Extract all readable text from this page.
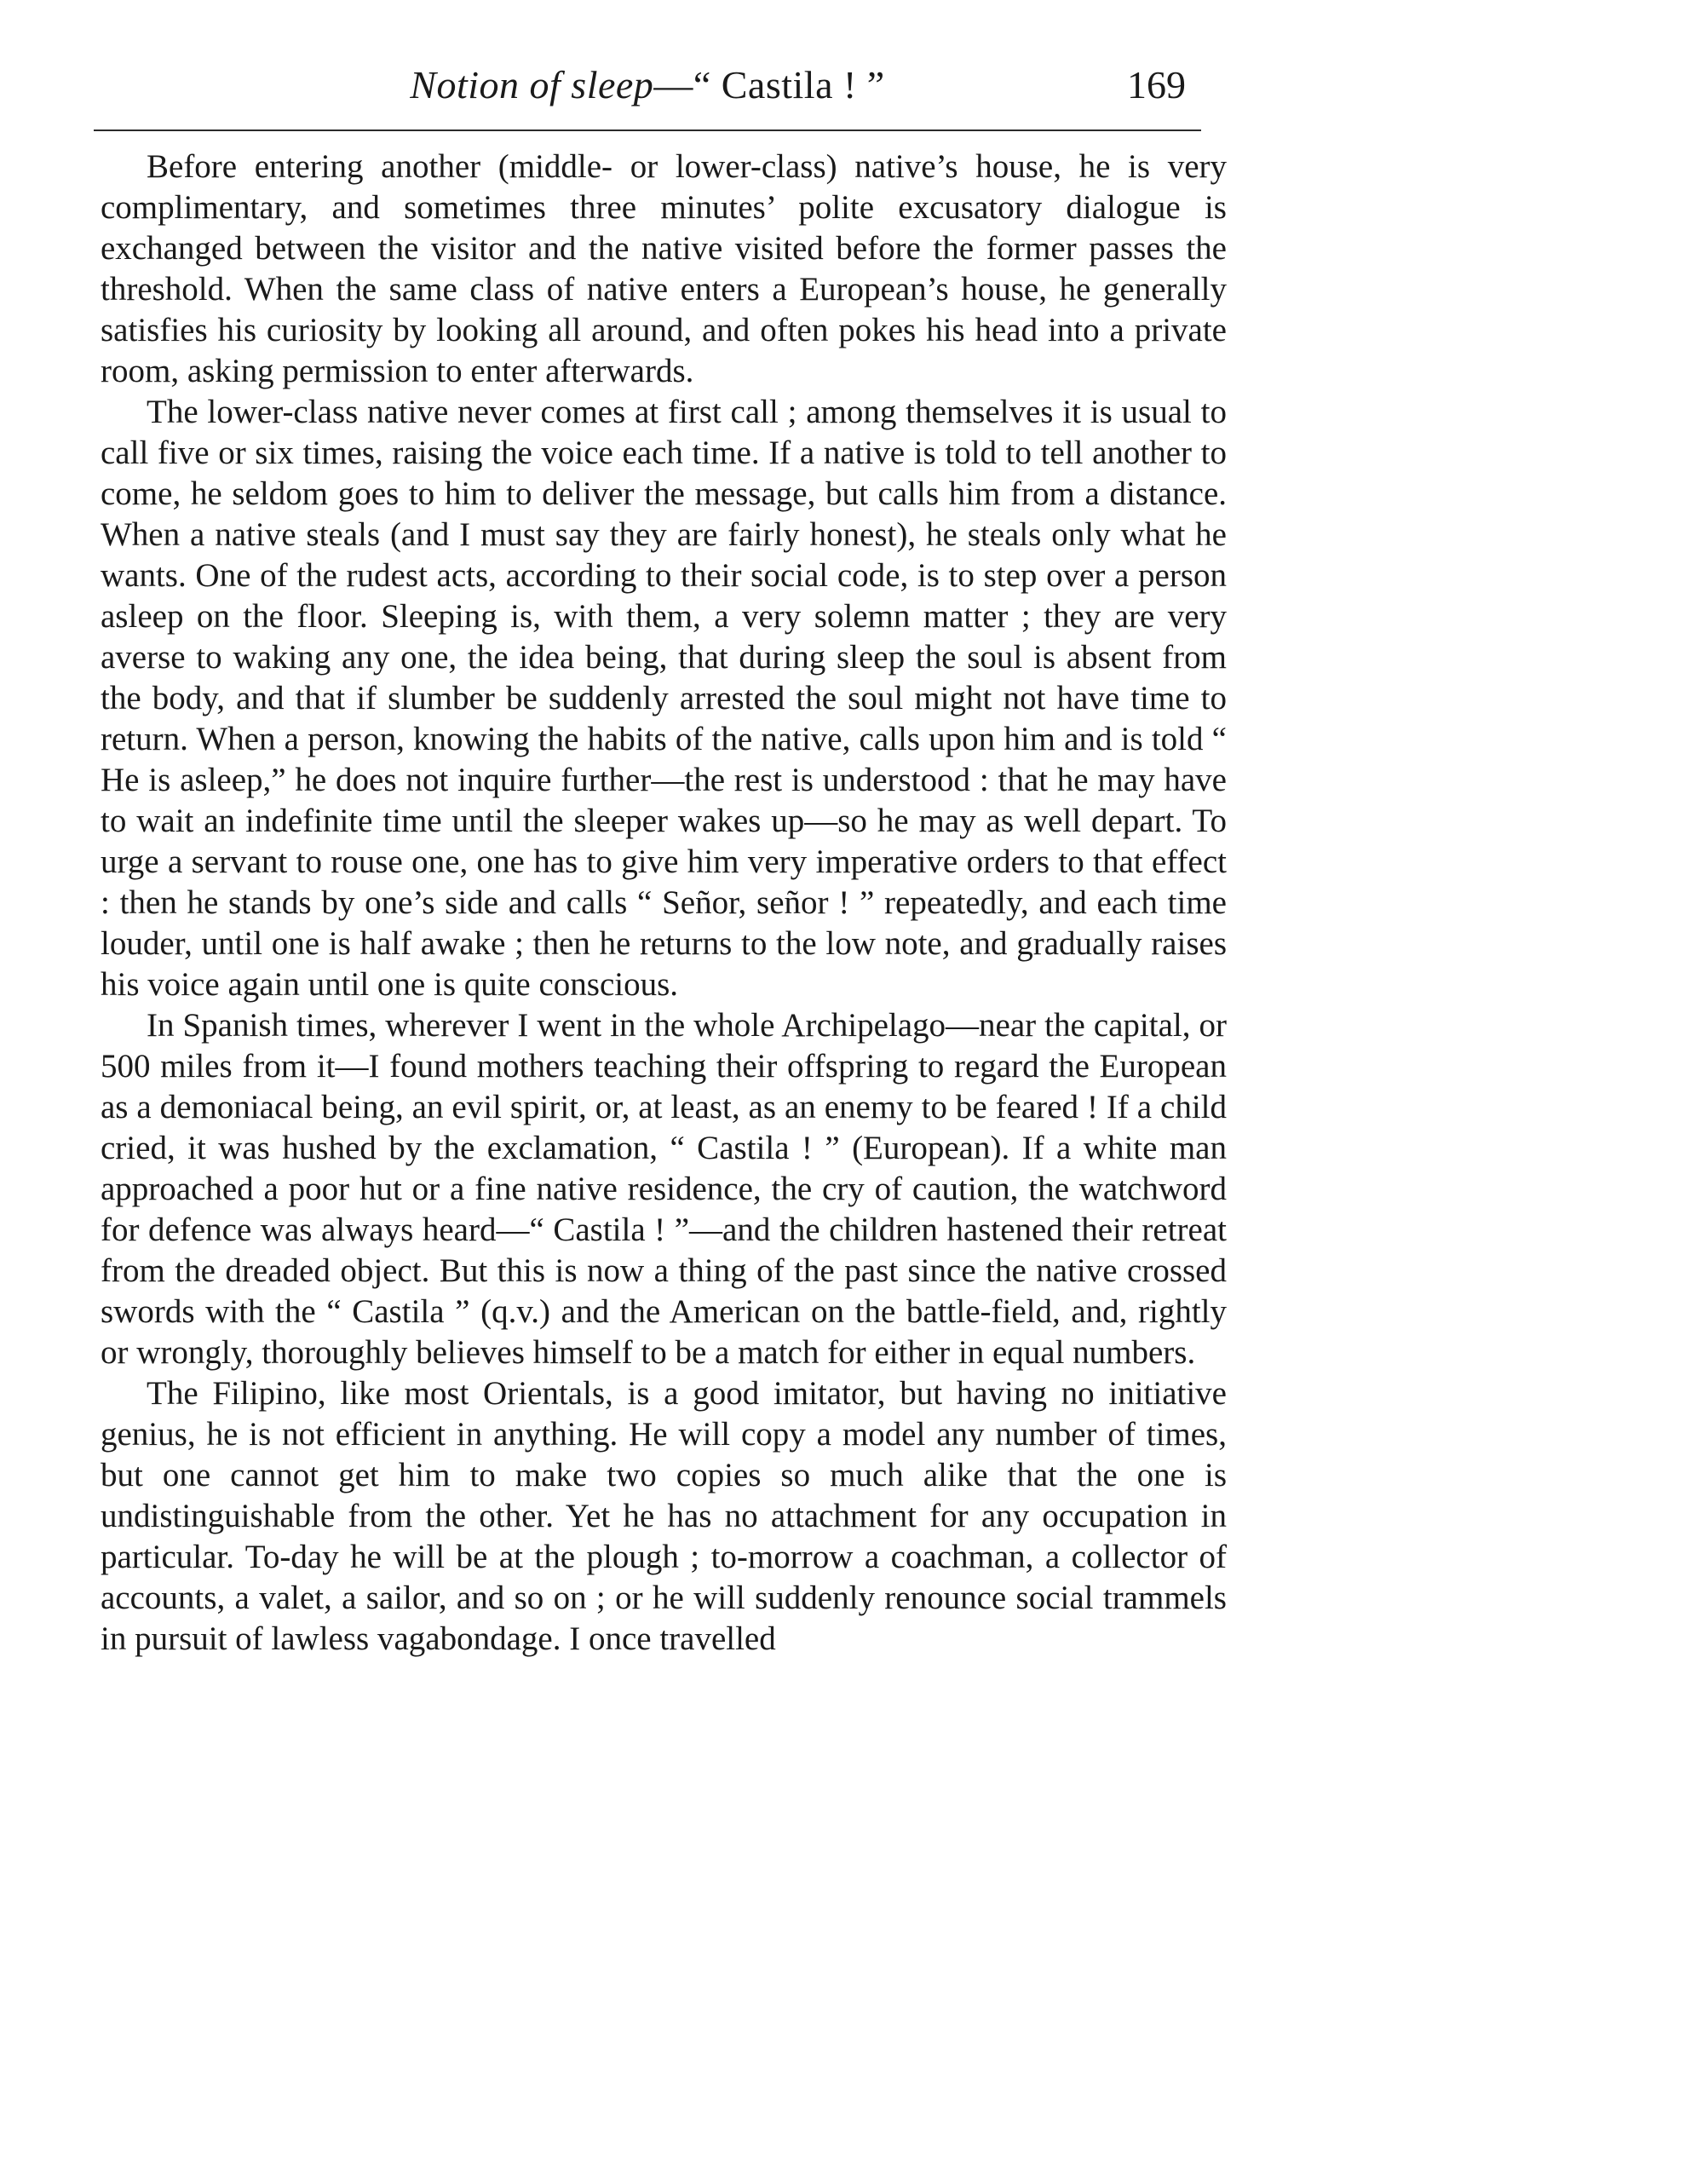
Notion of sleep—“ Castila ! ”	169

Before entering another (middle- or lower-class) native’s house, he is very complimentary, and sometimes three minutes’ polite excusatory dialogue is exchanged between the visitor and the native visited before the former passes the threshold. When the same class of native enters a European’s house, he generally satisfies his curiosity by looking all around, and often pokes his head into a private room, asking permission to enter afterwards.

The lower-class native never comes at first call ; among themselves it is usual to call five or six times, raising the voice each time. If a native is told to tell another to come, he seldom goes to him to deliver the message, but calls him from a distance. When a native steals (and I must say they are fairly honest), he steals only what he wants. One of the rudest acts, according to their social code, is to step over a person asleep on the floor. Sleeping is, with them, a very solemn matter ; they are very averse to waking any one, the idea being, that during sleep the soul is absent from the body, and that if slumber be suddenly arrested the soul might not have time to return. When a person, knowing the habits of the native, calls upon him and is told “ He is asleep,” he does not inquire further—the rest is understood : that he may have to wait an indefinite time until the sleeper wakes up—so he may as well depart. To urge a servant to rouse one, one has to give him very imperative orders to that effect : then he stands by one’s side and calls “ Señor, señor ! ” repeatedly, and each time louder, until one is half awake ; then he returns to the low note, and gradually raises his voice again until one is quite conscious.

In Spanish times, wherever I went in the whole Archipelago—near the capital, or 500 miles from it—I found mothers teaching their offspring to regard the European as a demoniacal being, an evil spirit, or, at least, as an enemy to be feared ! If a child cried, it was hushed by the exclamation, “ Castila ! ” (European). If a white man approached a poor hut or a fine native residence, the cry of caution, the watchword for defence was always heard—“ Castila ! ”—and the children hastened their retreat from the dreaded object. But this is now a thing of the past since the native crossed swords with the “ Castila ” (q.v.) and the American on the battle-field, and, rightly or wrongly, thoroughly believes himself to be a match for either in equal numbers.

The Filipino, like most Orientals, is a good imitator, but having no initiative genius, he is not efficient in anything. He will copy a model any number of times, but one cannot get him to make two copies so much alike that the one is undistinguishable from the other. Yet he has no attachment for any occupation in particular. To-day he will be at the plough ; to-morrow a coachman, a collector of accounts, a valet, a sailor, and so on ; or he will suddenly renounce social trammels in pursuit of lawless vagabondage. I once travelled
